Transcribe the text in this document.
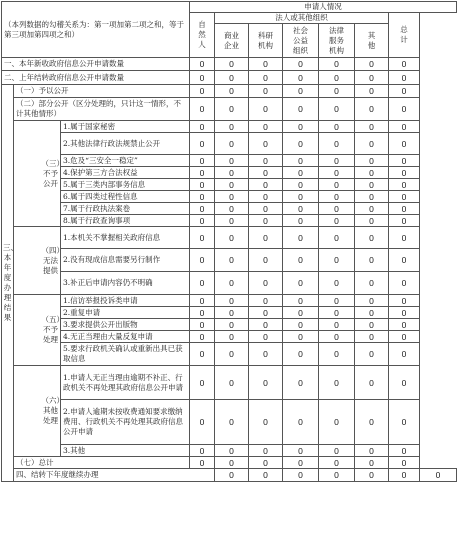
（本列数据的勾稽关系为：第一项加第二项之和，等于第三项加第四项之和）				申请人情况							
				自然人	法人或其他组织					总计	
					商业企业	科研机构	社会公益组织	法律服务机构	其他		
一、本年新收政府信息公开申请数量				0	0	0	0	0	0	0	
二、上年结转政府信息公开申请数量				0	0	0	0	0	0	0	
三、本年度办理结果	（一）予以公开			0	0	0	0	0	0	0	
	（二）部分公开（区分处理的，只计这一情形，不计其他情形）			0	0	0	0	0	0	0	
		（三）不予公开	1.属于国家秘密	0	0	0	0	0	0	0	
			2.其他法律行政法规禁止公开	0	0	0	0	0	0	0	
			3.危及“三安全一稳定”	0	0	0	0	0	0	0	
			4.保护第三方合法权益	0	0	0	0	0	0	0	
			5.属于三类内部事务信息	0	0	0	0	0	0	0	
			6.属于四类过程性信息	0	0	0	0	0	0	0	
			7.属于行政执法案卷	0	0	0	0	0	0	0	
			8.属于行政查询事项	0	0	0	0	0	0	0	
		（四）无法提供	1.本机关不掌握相关政府信息	0	0	0	0	0	0	0	
			2.没有现成信息需要另行制作	0	0	0	0	0	0	0	
			3.补正后申请内容仍不明确	0	0	0	0	0	0	0	
		（五）不予处理	1.信访举报投诉类申请	0	0	0	0	0	0	0	
			2.重复申请	0	0	0	0	0	0	0	
			3.要求提供公开出版物	0	0	0	0	0	0	0	
			4.无正当理由大量反复申请	0	0	0	0	0	0	0	
			5.要求行政机关确认或重新出具已获取信息	0	0	0	0	0	0	0	
		（六）其他处理	1.申请人无正当理由逾期不补正、行政机关不再处理其政府信息公开申请	0	0	0	0	0	0	0	
			2.申请人逾期未按收费通知要求缴纳费用、行政机关不再处理其政府信息公开申请	0	0	0	0	0	0	0	
			3.其他	0	0	0	0	0	0	0	
	（七）总计			0	0	0	0	0	0	0	
	四、结转下年度继续办理				0	0	0	0	0	0	0
